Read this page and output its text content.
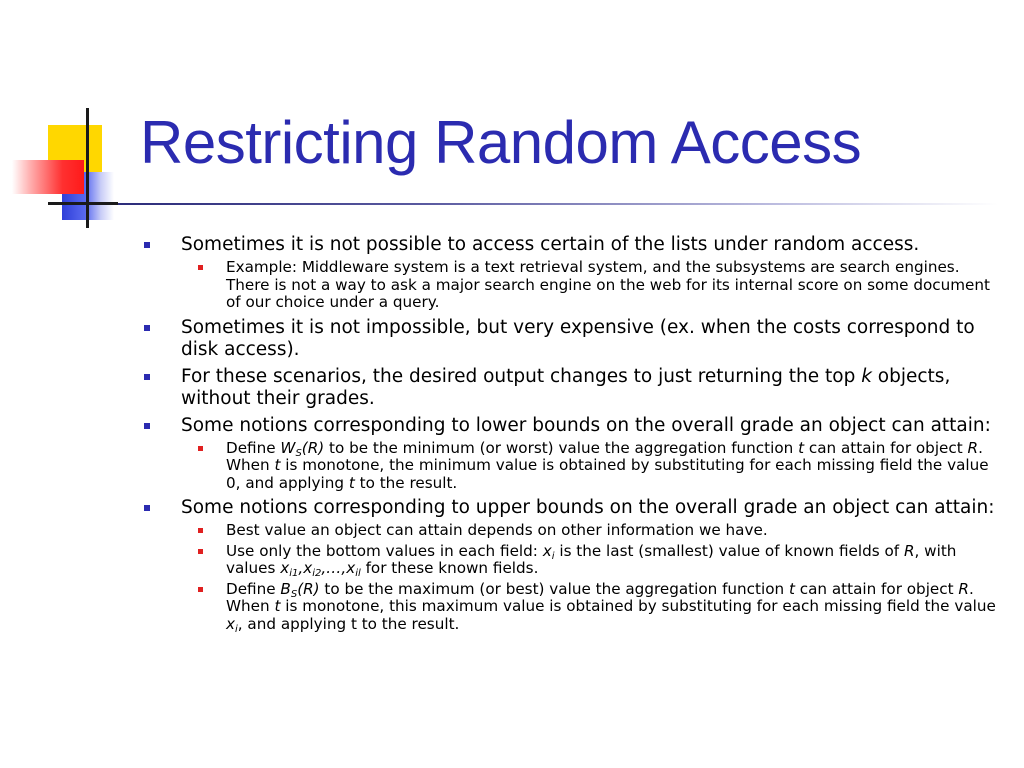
Restricting Random Access
Sometimes it is not possible to access certain of the lists under random access.
Example: Middleware system is a text retrieval system, and the subsystems are search engines. There is not a way to ask a major search engine on the web for its internal score on some document of our choice under a query.
Sometimes it is not impossible, but very expensive (ex. when the costs correspond to disk access).
For these scenarios, the desired output changes to just returning the top k objects, without their grades.
Some notions corresponding to lower bounds on the overall grade an object can attain:
Define $W_S(R)$ to be the minimum (or worst) value the aggregation function t can attain for object R. When t is monotone, the minimum value is obtained by substituting for each missing field the value 0, and applying t to the result.
Some notions corresponding to upper bounds on the overall grade an object can attain:
Best value an object can attain depends on other information we have.
Use only the bottom values in each field: $x_i$ is the last (smallest) value of known fields of R, with values $x_{i1},x_{i2},\dots,x_{il}$ for these known fields.
Define $B_S(R)$ to be the maximum (or best) value the aggregation function t can attain for object R. When t is monotone, this maximum value is obtained by substituting for each missing field the value $x_i$, and applying t to the result.
